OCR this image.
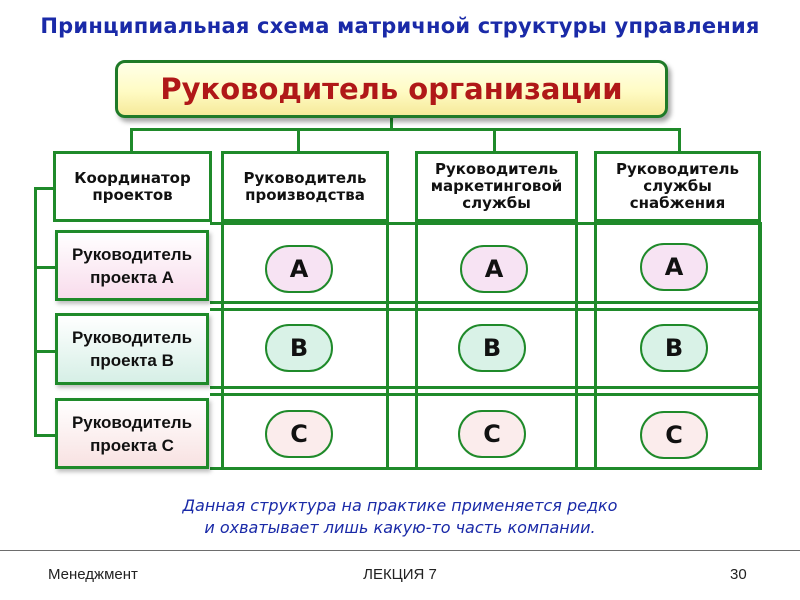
Принципиальная схема матричной структуры управления
Руководитель организации
Координатор
проектов
Руководитель
производства
Руководитель
маркетинговой
службы
Руководитель
службы
снабжения
Руководитель
проекта А
Руководитель
проекта В
Руководитель
проекта С
А	А	А
В	В	В
С	С	С
Данная структура на практике применяется редко
и охватывает лишь какую-то часть компании.
Менеджмент	ЛЕКЦИЯ 7	30
